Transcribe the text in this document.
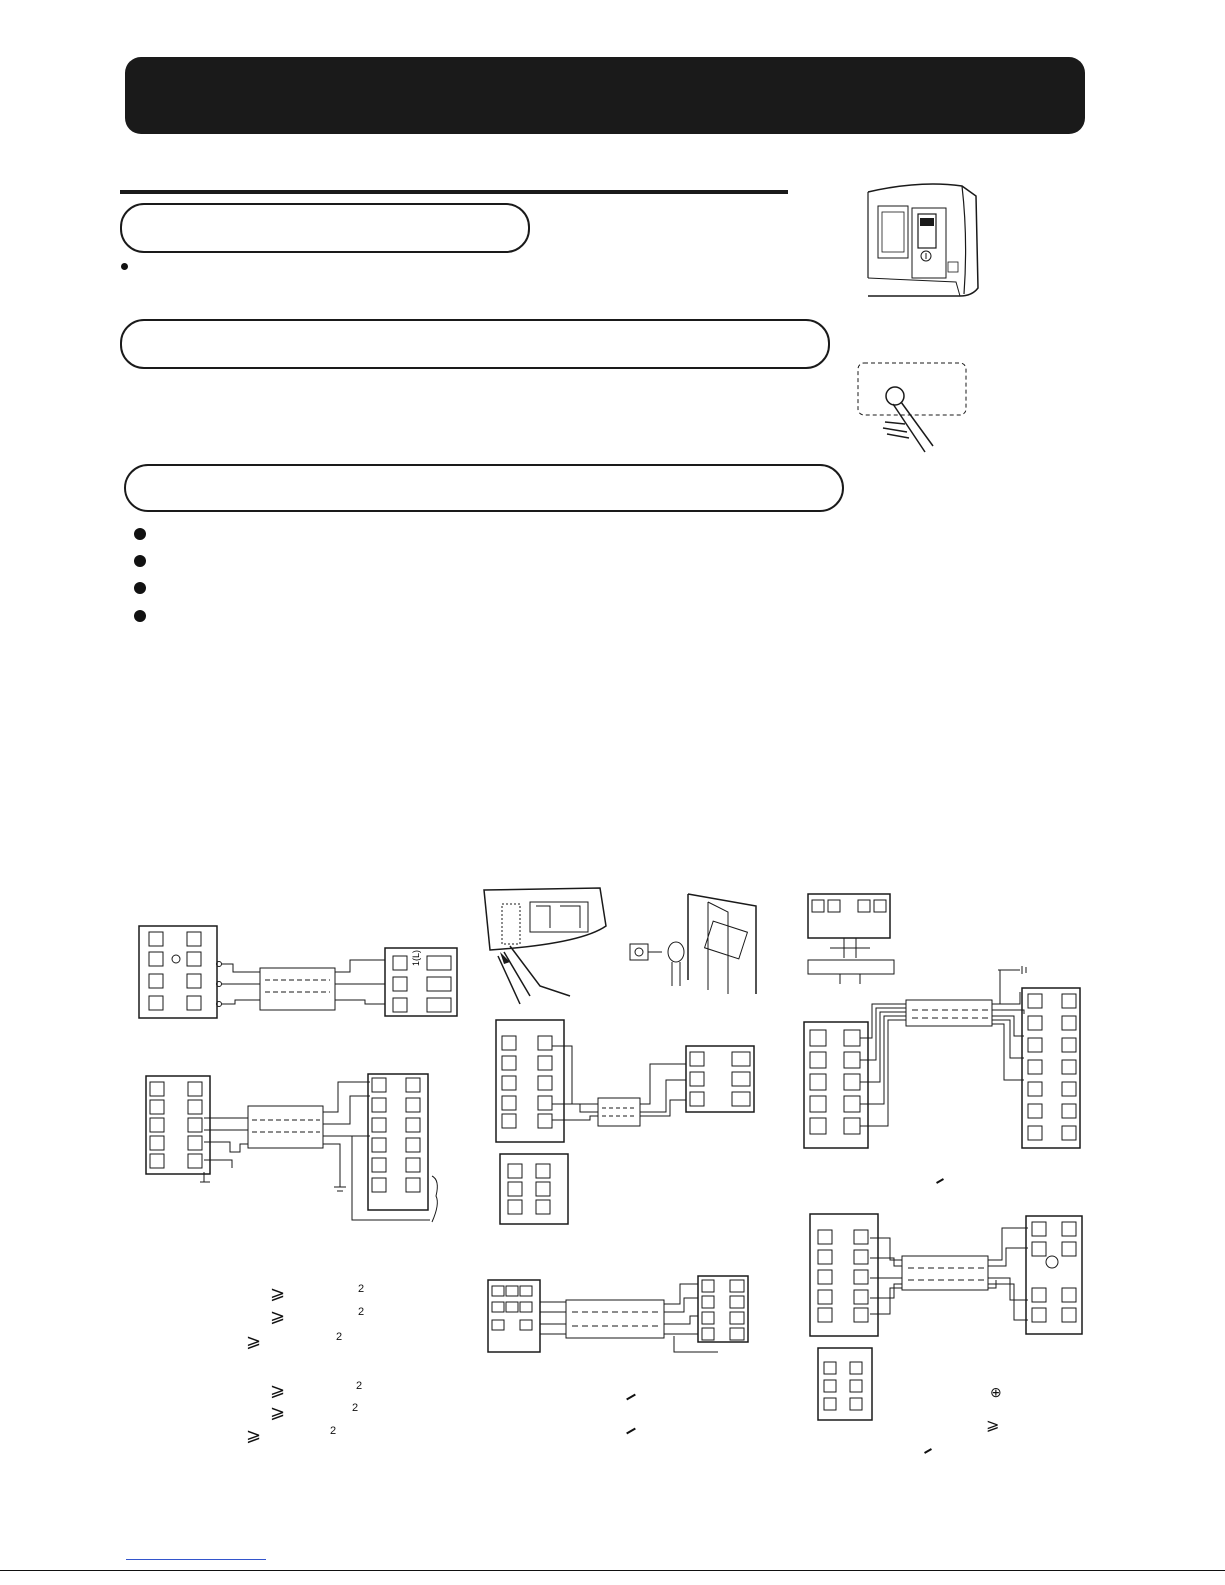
1(L)
⩾	2
⩾	2
⩾	2
⩾	2
⩾	2
⩾	2
⊕
⩾
